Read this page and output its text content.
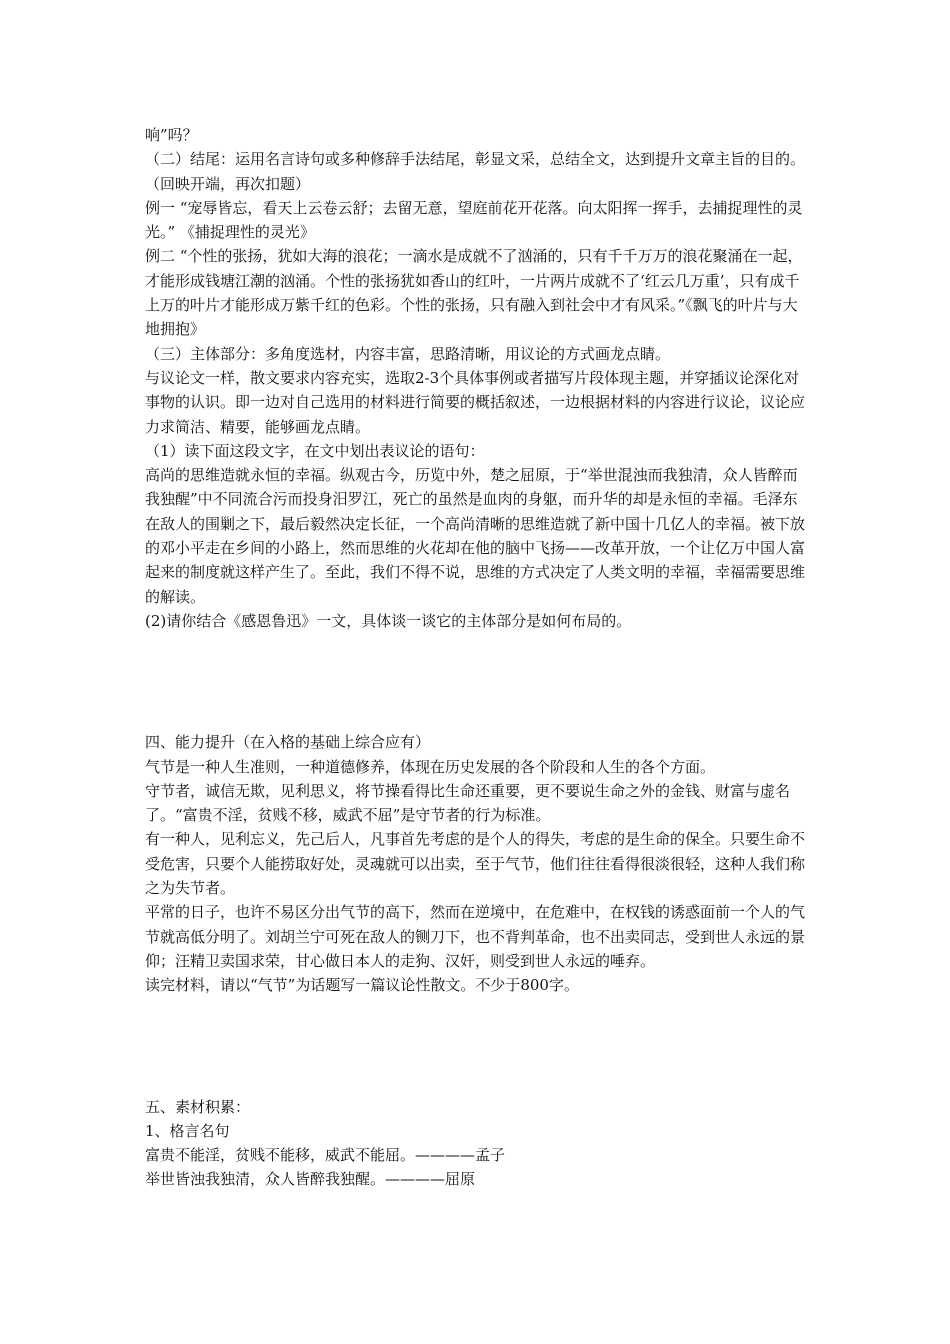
响”吗？

（二）结尾：运用名言诗句或多种修辞手法结尾，彰显文采，总结全文，达到提升文章主旨的目的。（回映开端，再次扣题）

例一 “宠辱皆忘，看天上云卷云舒；去留无意，望庭前花开花落。向太阳挥一挥手，去捕捉理性的灵光。” 《捕捉理性的灵光》

例二 “个性的张扬，犹如大海的浪花；一滴水是成就不了汹涌的，只有千千万万的浪花聚涌在一起，才能形成钱塘江潮的汹涌。个性的张扬犹如香山的红叶，一片两片成就不了‘红云几万重’，只有成千上万的叶片才能形成万紫千红的色彩。个性的张扬，只有融入到社会中才有风采。”《飘飞的叶片与大地拥抱》

（三）主体部分：多角度选材，内容丰富，思路清晰，用议论的方式画龙点睛。

与议论文一样，散文要求内容充实，选取2-3个具体事例或者描写片段体现主题，并穿插议论深化对事物的认识。即一边对自己选用的材料进行简要的概括叙述，一边根据材料的内容进行议论，议论应力求简洁、精要，能够画龙点睛。

（1）读下面这段文字，在文中划出表议论的语句：

高尚的思维造就永恒的幸福。纵观古今，历览中外，楚之屈原，于“举世混浊而我独清，众人皆醉而我独醒”中不同流合污而投身汨罗江，死亡的虽然是血肉的身躯，而升华的却是永恒的幸福。毛泽东在敌人的围剿之下，最后毅然决定长征，一个高尚清晰的思维造就了新中国十几亿人的幸福。被下放的邓小平走在乡间的小路上，然而思维的火花却在他的脑中飞扬——改革开放，一个让亿万中国人富起来的制度就这样产生了。至此，我们不得不说，思维的方式决定了人类文明的幸福，幸福需要思维的解读。

(2)请你结合《感恩鲁迅》一文，具体谈一谈它的主体部分是如何布局的。

四、能力提升（在入格的基础上综合应有）

气节是一种人生准则，一种道德修养，体现在历史发展的各个阶段和人生的各个方面。

守节者，诚信无欺，见利思义，将节操看得比生命还重要，更不要说生命之外的金钱、财富与虚名了。“富贵不淫，贫贱不移，威武不屈”是守节者的行为标准。

有一种人，见利忘义，先己后人，凡事首先考虑的是个人的得失，考虑的是生命的保全。只要生命不受危害，只要个人能捞取好处，灵魂就可以出卖，至于气节，他们往往看得很淡很轻，这种人我们称之为失节者。

平常的日子，也许不易区分出气节的高下，然而在逆境中，在危难中，在权钱的诱惑面前一个人的气节就高低分明了。刘胡兰宁可死在敌人的铡刀下，也不背判革命，也不出卖同志，受到世人永远的景仰；汪精卫卖国求荣，甘心做日本人的走狗、汉奸，则受到世人永远的唾弃。

读完材料，请以“气节”为话题写一篇议论性散文。不少于800字。

五、素材积累：

1、格言名句

富贵不能淫，贫贱不能移，威武不能屈。————孟子

举世皆浊我独清，众人皆醉我独醒。————屈原
